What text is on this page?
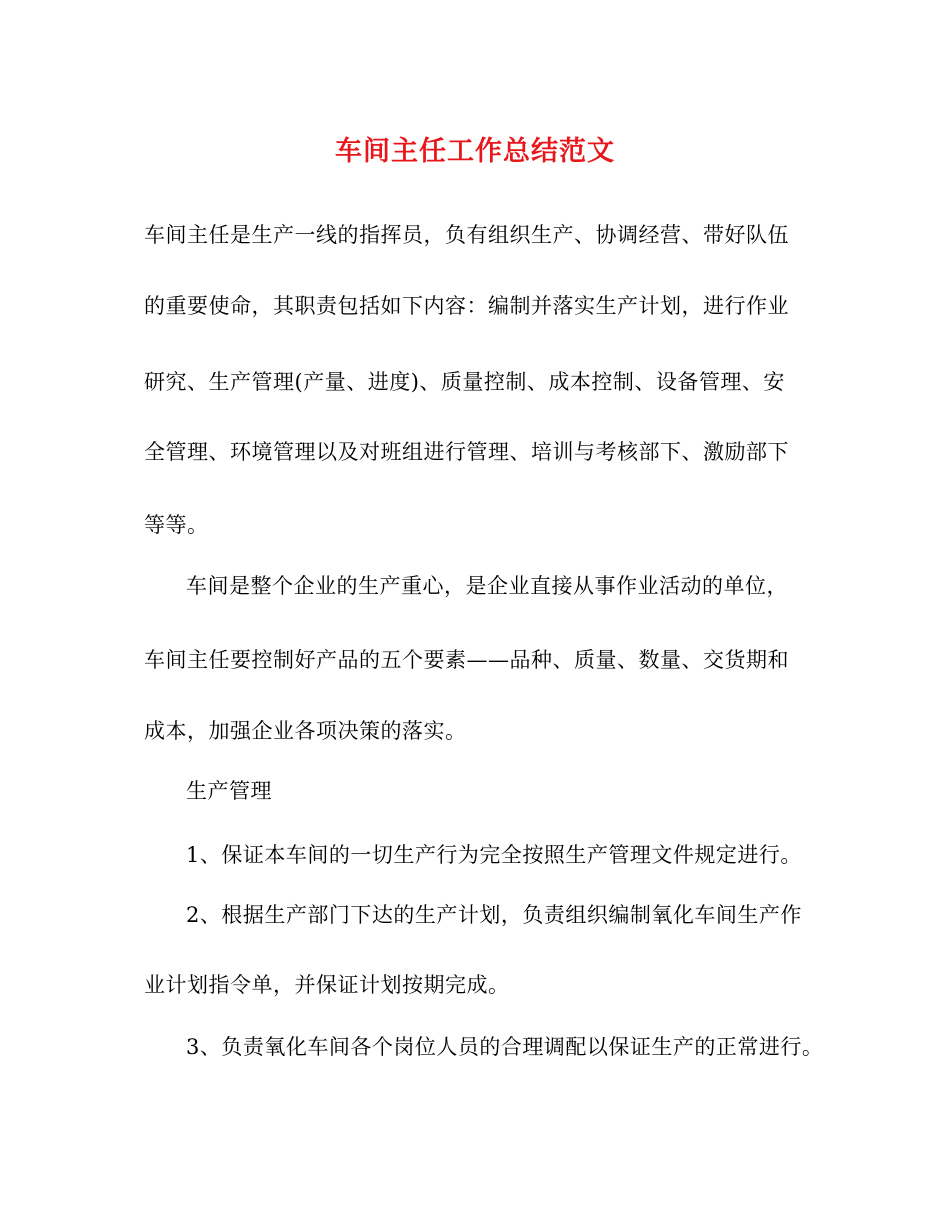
车间主任工作总结范文
车间主任是生产一线的指挥员，负有组织生产、协调经营、带好队伍
的重要使命，其职责包括如下内容：编制并落实生产计划，进行作业
研究、生产管理(产量、进度)、质量控制、成本控制、设备管理、安
全管理、环境管理以及对班组进行管理、培训与考核部下、激励部下
等等。
车间是整个企业的生产重心，是企业直接从事作业活动的单位，
车间主任要控制好产品的五个要素——品种、质量、数量、交货期和
成本，加强企业各项决策的落实。
生产管理
1、保证本车间的一切生产行为完全按照生产管理文件规定进行。
2、根据生产部门下达的生产计划，负责组织编制氧化车间生产作
业计划指令单，并保证计划按期完成。
3、负责氧化车间各个岗位人员的合理调配以保证生产的正常进行。
